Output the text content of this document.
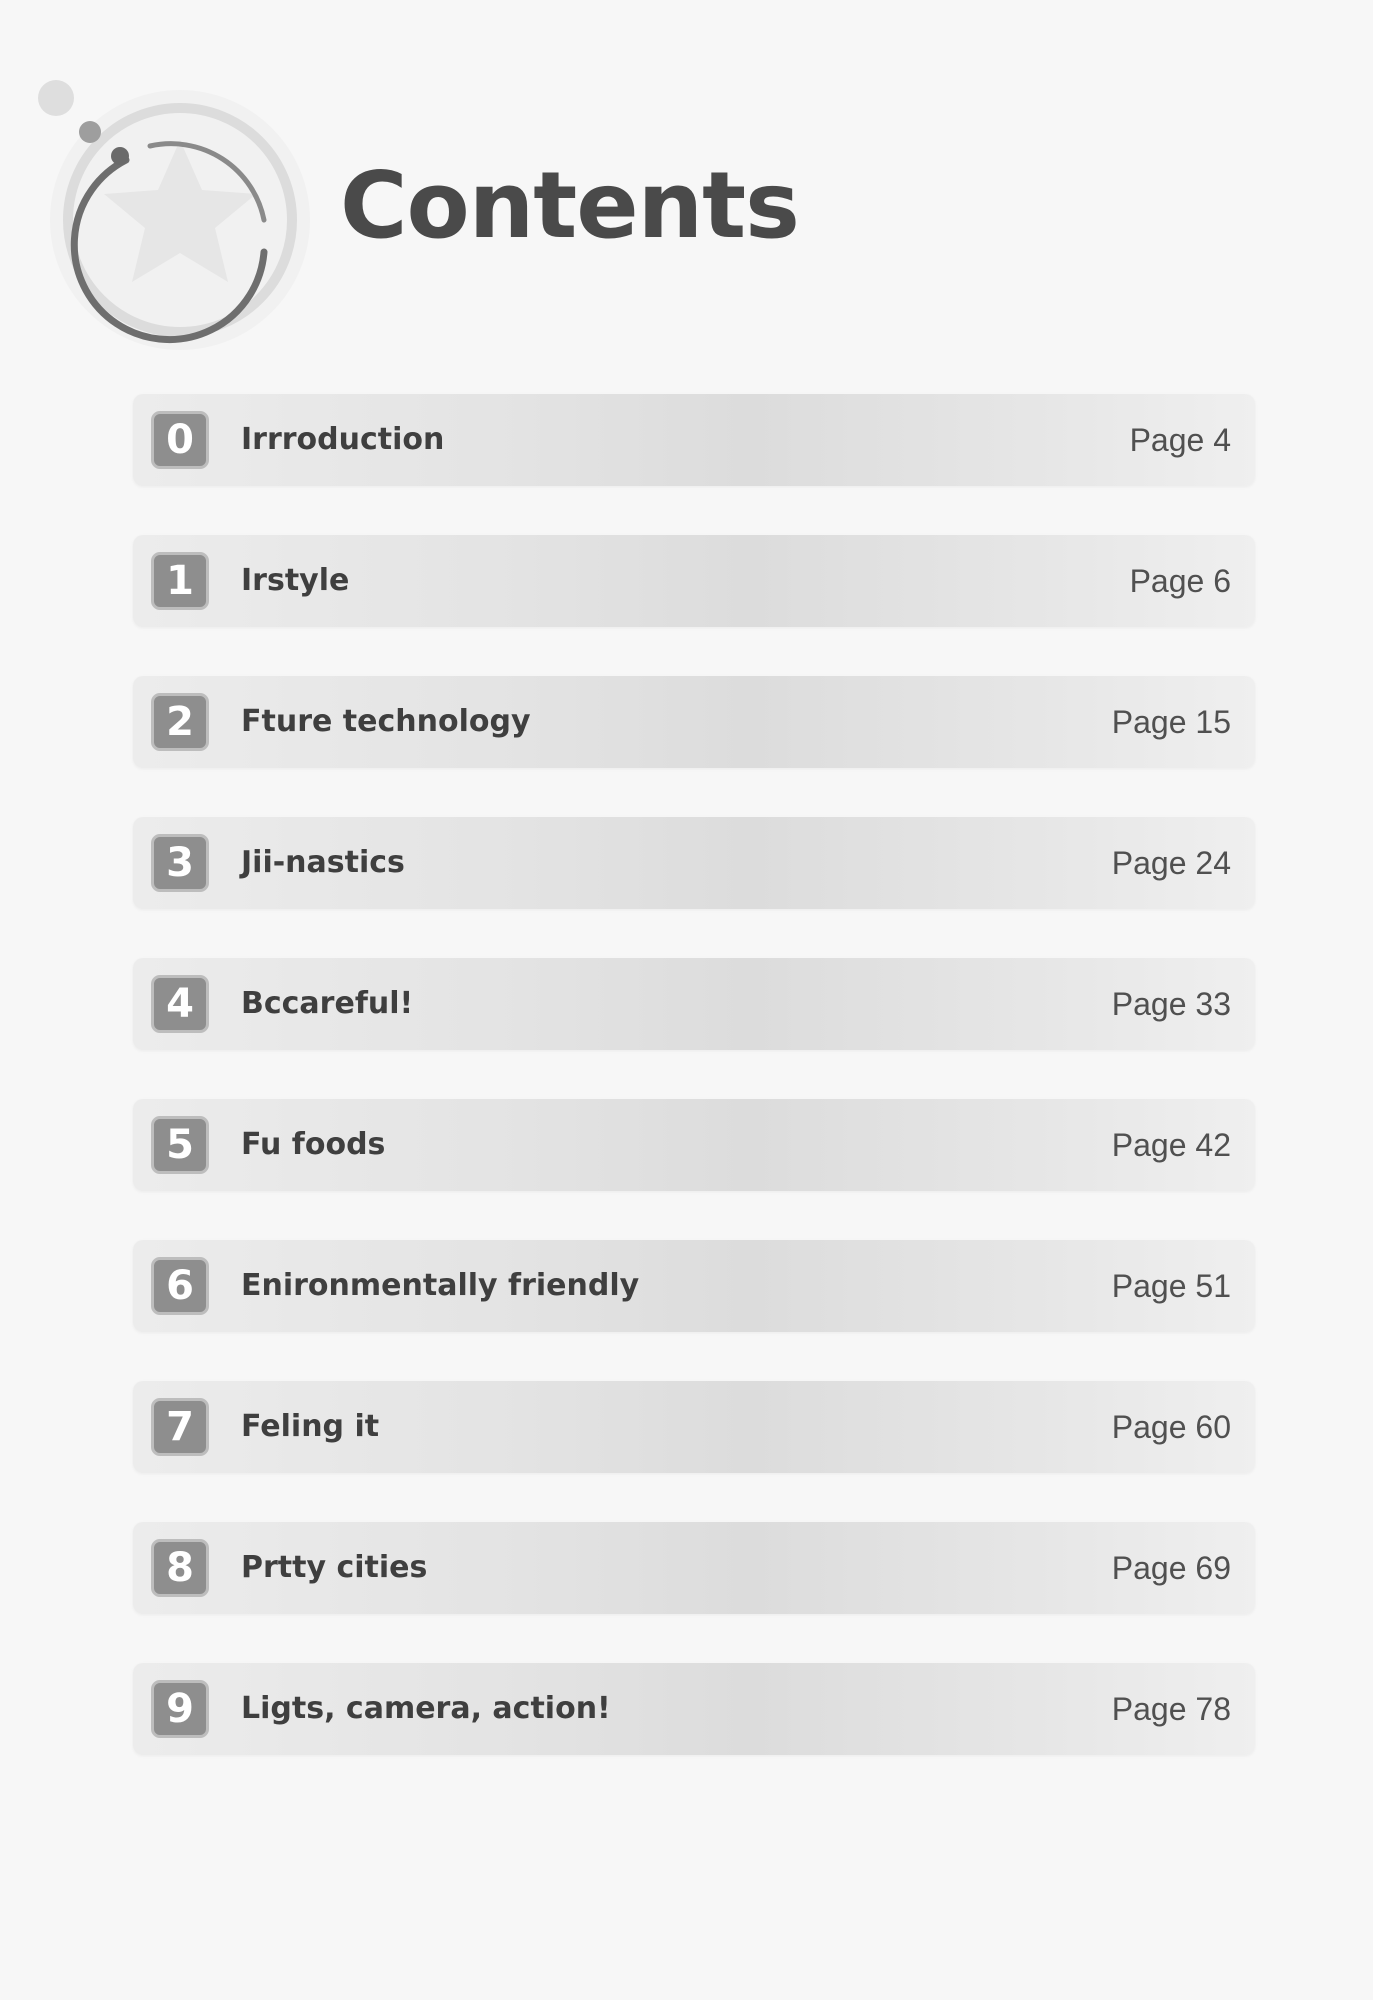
Contents
0	Irrroduction	Page 4
1	Irstyle	Page 6
2	Fture technology	Page 15
3	Jii-nastics	Page 24
4	Bccareful!	Page 33
5	Fu foods	Page 42
6	Enironmentally friendly	Page 51
7	Feling it	Page 60
8	Prtty cities	Page 69
9	Ligts, camera, action!	Page 78
